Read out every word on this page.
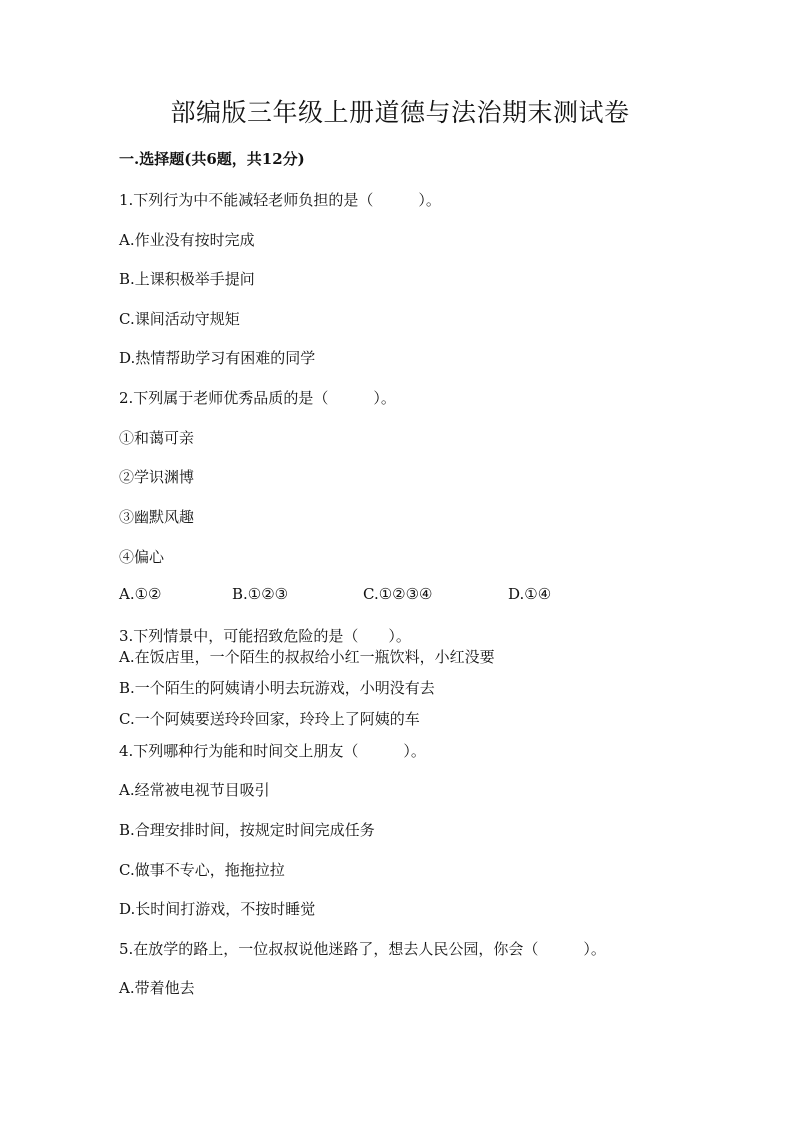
部编版三年级上册道德与法治期末测试卷
一.选择题(共6题，共12分)
1.下列行为中不能减轻老师负担的是（　　　）。
A.作业没有按时完成
B.上课积极举手提问
C.课间活动守规矩
D.热情帮助学习有困难的同学
2.下列属于老师优秀品质的是（　　　）。
①和蔼可亲
②学识渊博
③幽默风趣
④偏心

A.①②

	B.①②③

	C.①②③④

	D.①④

3.下列情景中，可能招致危险的是（　　）。
A.在饭店里，一个陌生的叔叔给小红一瓶饮料，小红没要
B.一个陌生的阿姨请小明去玩游戏，小明没有去
C.一个阿姨要送玲玲回家，玲玲上了阿姨的车
4.下列哪种行为能和时间交上朋友（　　　）。
A.经常被电视节目吸引
B.合理安排时间，按规定时间完成任务
C.做事不专心，拖拖拉拉
D.长时间打游戏，不按时睡觉
5.在放学的路上，一位叔叔说他迷路了，想去人民公园，你会（　　　）。
A.带着他去
